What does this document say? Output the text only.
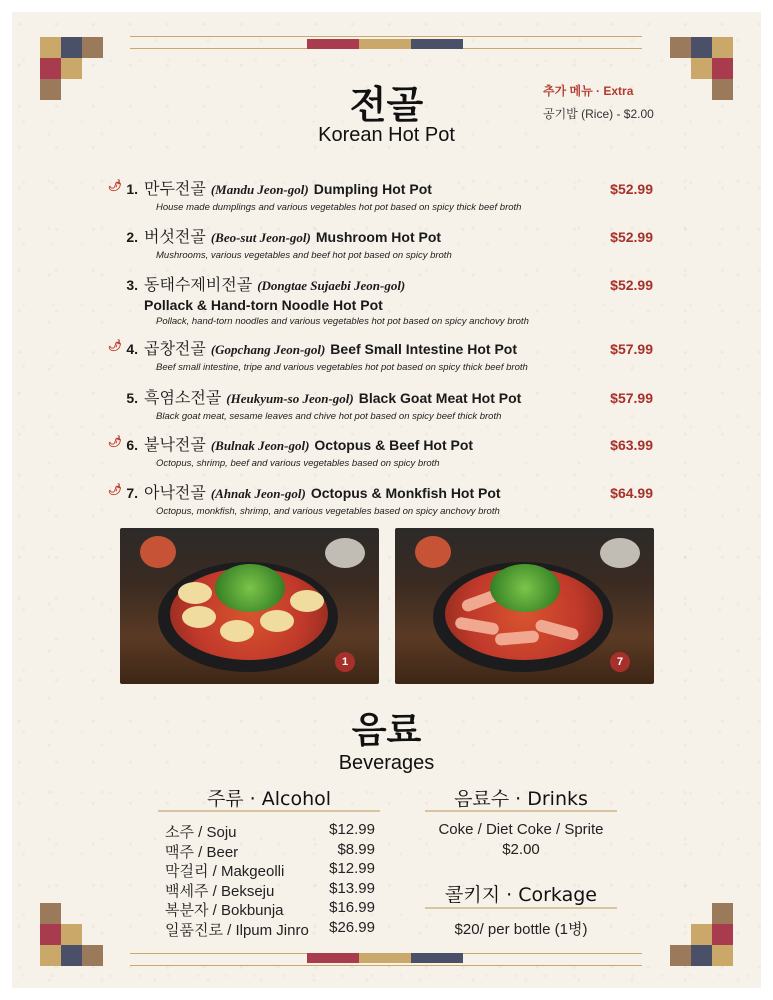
전골
Korean Hot Pot
추가 메뉴 · Extra
공기밥 (Rice) - $2.00
🌶 1. 만두전골 (Mandu Jeon-gol) Dumpling Hot Pot	$52.99
House made dumplings and various vegetables hot pot based on spicy thick beef broth
2. 버섯전골 (Beo-sut Jeon-gol) Mushroom Hot Pot	$52.99
Mushrooms, various vegetables and beef hot pot based on spicy broth
3. 동태수제비전골 (Dongtae Sujaebi Jeon-gol)	$52.99
Pollack & Hand-torn Noodle Hot Pot
Pollack, hand-torn noodles and various vegetables hot pot based on spicy anchovy broth
🌶 4. 곱창전골 (Gopchang Jeon-gol) Beef Small Intestine Hot Pot	$57.99
Beef small intestine, tripe and various vegetables hot pot based on spicy thick beef broth
5. 흑염소전골 (Heukyum-so Jeon-gol) Black Goat Meat Hot Pot	$57.99
Black goat meat, sesame leaves and chive hot pot based on spicy beef thick broth
🌶 6. 불낙전골 (Bulnak Jeon-gol) Octopus & Beef Hot Pot	$63.99
Octopus, shrimp, beef and various vegetables based on spicy broth
🌶 7. 아낙전골 (Ahnak Jeon-gol) Octopus & Monkfish Hot Pot	$64.99
Octopus, monkfish, shrimp, and various vegetables based on spicy anchovy broth
1	7
음료
Beverages
주류 · Alcohol
소주 / Soju	$12.99
맥주 / Beer	$8.99
막걸리 / Makgeolli	$12.99
백세주 / Bekseju	$13.99
복분자 / Bokbunja	$16.99
일품진로 / Ilpum Jinro	$26.99
음료수 · Drinks
Coke / Diet Coke / Sprite
$2.00
콜키지 · Corkage
$20/ per bottle (1병)
